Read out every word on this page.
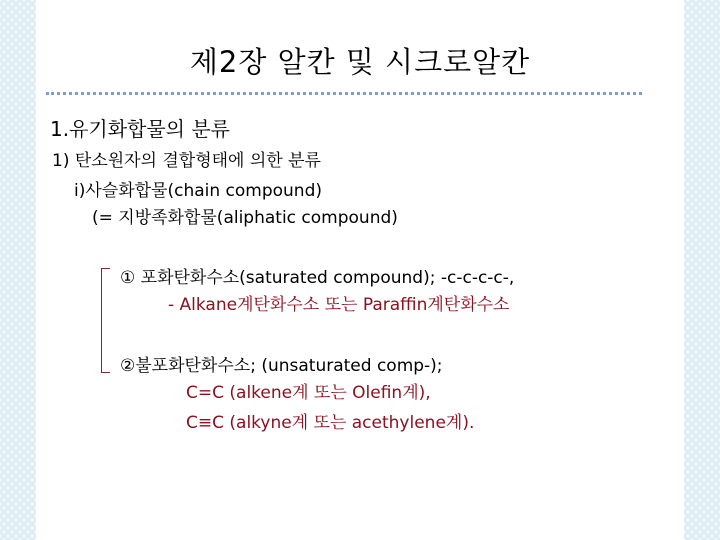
제2장 알칸 및 시크로알칸
1.유기화합물의 분류
1) 탄소원자의 결합형태에 의한 분류
ⅰ)사슬화합물(chain compound)
(= 지방족화합물(aliphatic compound)
① 포화탄화수소(saturated compound); -c-c-c-c-,
- Alkane계탄화수소 또는 Paraffin계탄화수소
②불포화탄화수소; (unsaturated comp-);
C=C (alkene계 또는 Olefin계),
C≡C (alkyne계 또는 acethylene계).
